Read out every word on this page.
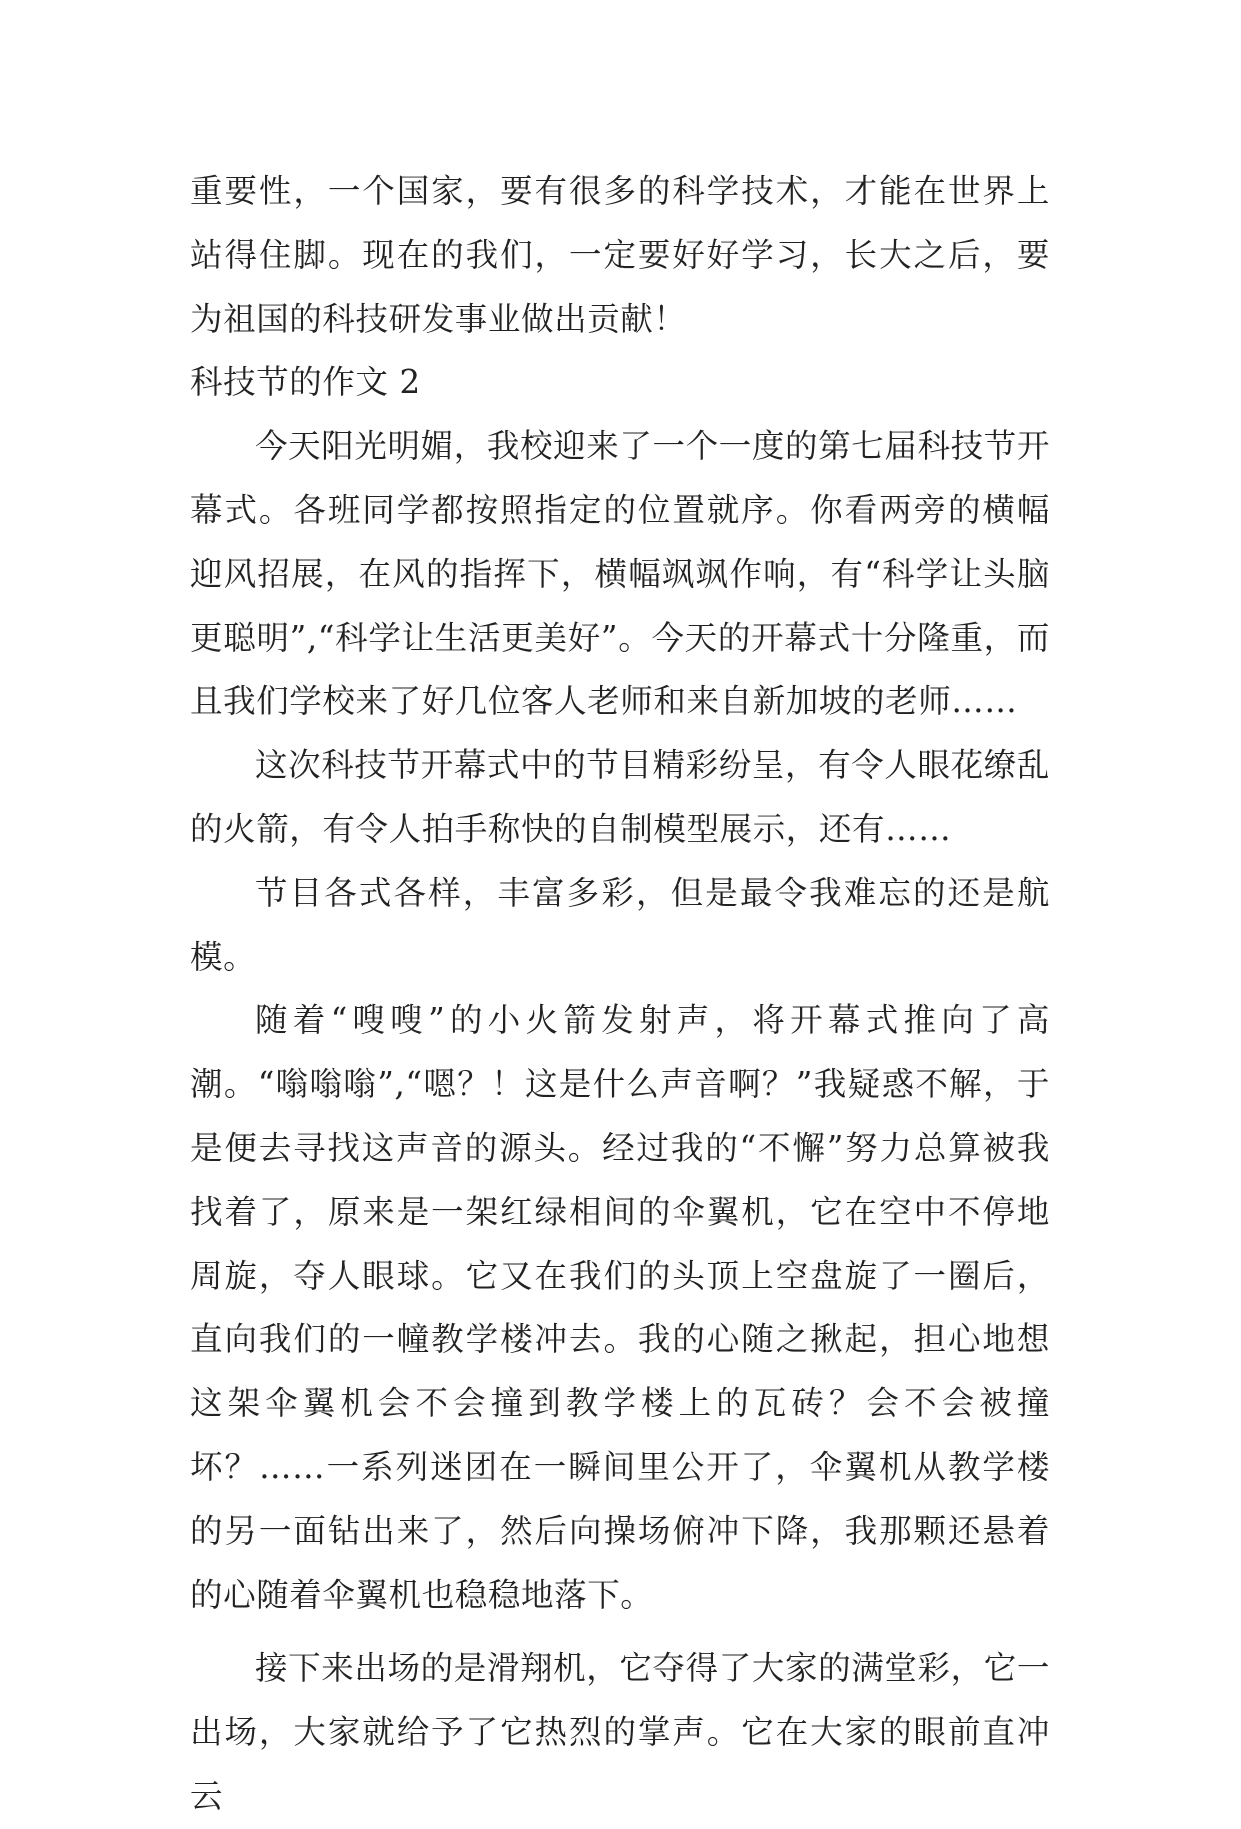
重要性，一个国家，要有很多的科学技术，才能在世界上站得住脚。现在的我们，一定要好好学习，长大之后，要为祖国的科技研发事业做出贡献！

科技节的作文 2

今天阳光明媚，我校迎来了一个一度的第七届科技节开幕式。各班同学都按照指定的位置就序。你看两旁的横幅迎风招展，在风的指挥下，横幅飒飒作响，有“科学让头脑更聪明”,“科学让生活更美好”。今天的开幕式十分隆重，而且我们学校来了好几位客人老师和来自新加坡的老师……

这次科技节开幕式中的节目精彩纷呈，有令人眼花缭乱的火箭，有令人拍手称快的自制模型展示，还有……

节目各式各样，丰富多彩，但是最令我难忘的还是航模。

随着“嗖嗖”的小火箭发射声，将开幕式推向了高潮。“嗡嗡嗡”,“嗯？！这是什么声音啊？”我疑惑不解，于是便去寻找这声音的源头。经过我的“不懈”努力总算被我找着了，原来是一架红绿相间的伞翼机，它在空中不停地周旋，夺人眼球。它又在我们的头顶上空盘旋了一圈后，直向我们的一幢教学楼冲去。我的心随之揪起，担心地想这架伞翼机会不会撞到教学楼上的瓦砖？会不会被撞坏？……一系列迷团在一瞬间里公开了，伞翼机从教学楼的另一面钻出来了，然后向操场俯冲下降，我那颗还悬着的心随着伞翼机也稳稳地落下。

接下来出场的是滑翔机，它夺得了大家的满堂彩，它一出场，大家就给予了它热烈的掌声。它在大家的眼前直冲云
